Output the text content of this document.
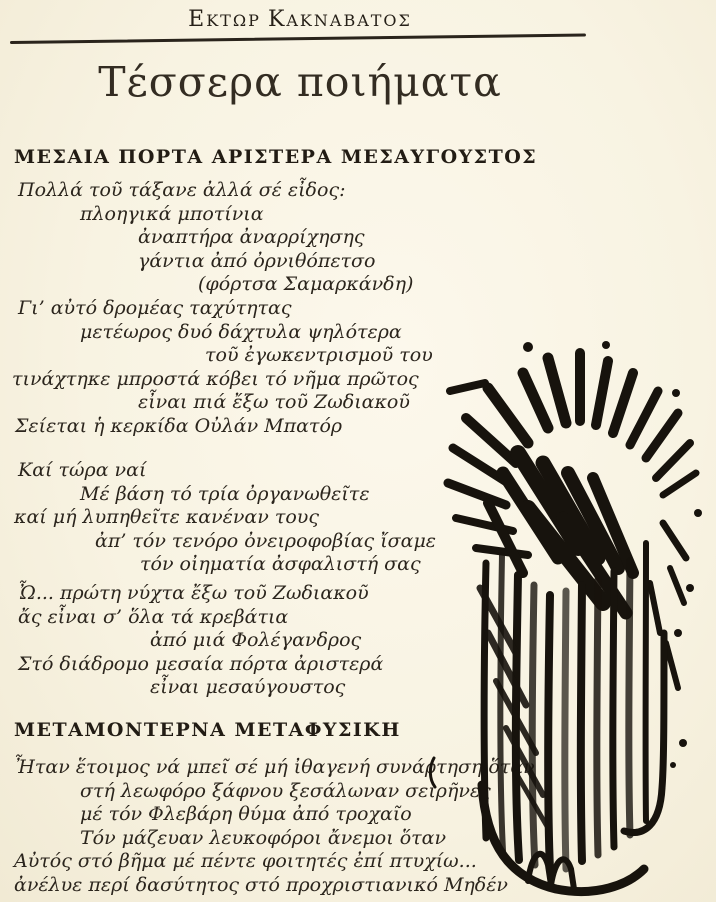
ΕΚΤΩΡ ΚΑΚΝΑΒΑΤΟΣ
Τέσσερα ποιήματα
ΜΕΣΑΙΑ ΠΟΡΤΑ ΑΡΙΣΤΕΡΑ ΜΕΣΑΥΓΟΥΣΤΟΣ
Πολλά τοῦ τάξανε ἀλλά σέ εἶδος:
πλοηγικά μποτίνια
ἀναπτήρα ἀναρρίχησης
γάντια ἀπό ὀρνιθόπετσο
(φόρτσα Σαμαρκάνδη)
Γι’ αὐτό δρομέας ταχύτητας
μετέωρος δυό δάχτυλα ψηλότερα
τοῦ ἐγωκεντρισμοῦ του
τινάχτηκε μπροστά κόβει τό νῆμα πρῶτος
εἶναι πιά ἔξω τοῦ Ζωδιακοῦ
Σείεται ἡ κερκίδα Οὐλάν Μπατόρ
Καί τώρα ναί
Μέ βάση τό τρία ὀργανωθεῖτε
καί μή λυπηθεῖτε κανέναν τους
ἀπ’ τόν τενόρο ὀνειροφοβίας ἴσαμε
τόν οἰηματία ἀσφαλιστή σας
Ὦ... πρώτη νύχτα ἔξω τοῦ Ζωδιακοῦ
ἄς εἶναι σ’ ὅλα τά κρεβάτια
ἀπό μιά Φολέγανδρος
Στό διάδρομο μεσαία πόρτα ἀριστερά
εἶναι μεσαύγουστος
ΜΕΤΑΜΟΝΤΕΡΝΑ ΜΕΤΑΦΥΣΙΚΗ
Ἦταν ἕτοιμος νά μπεῖ σέ μή ἰθαγενή συνάρτηση ὅταν
στή λεωφόρο ξάφνου ξεσάλωναν σειρῆνες
μέ τόν Φλεβάρη θύμα ἀπό τροχαῖο
Τόν μάζευαν λευκοφόροι ἄνεμοι ὅταν
Αὐτός στό βῆμα μέ πέντε φοιτητές ἐπί πτυχίω...
ἀνέλυε περί δασύτητος στό προχριστιανικό Μηδέν
